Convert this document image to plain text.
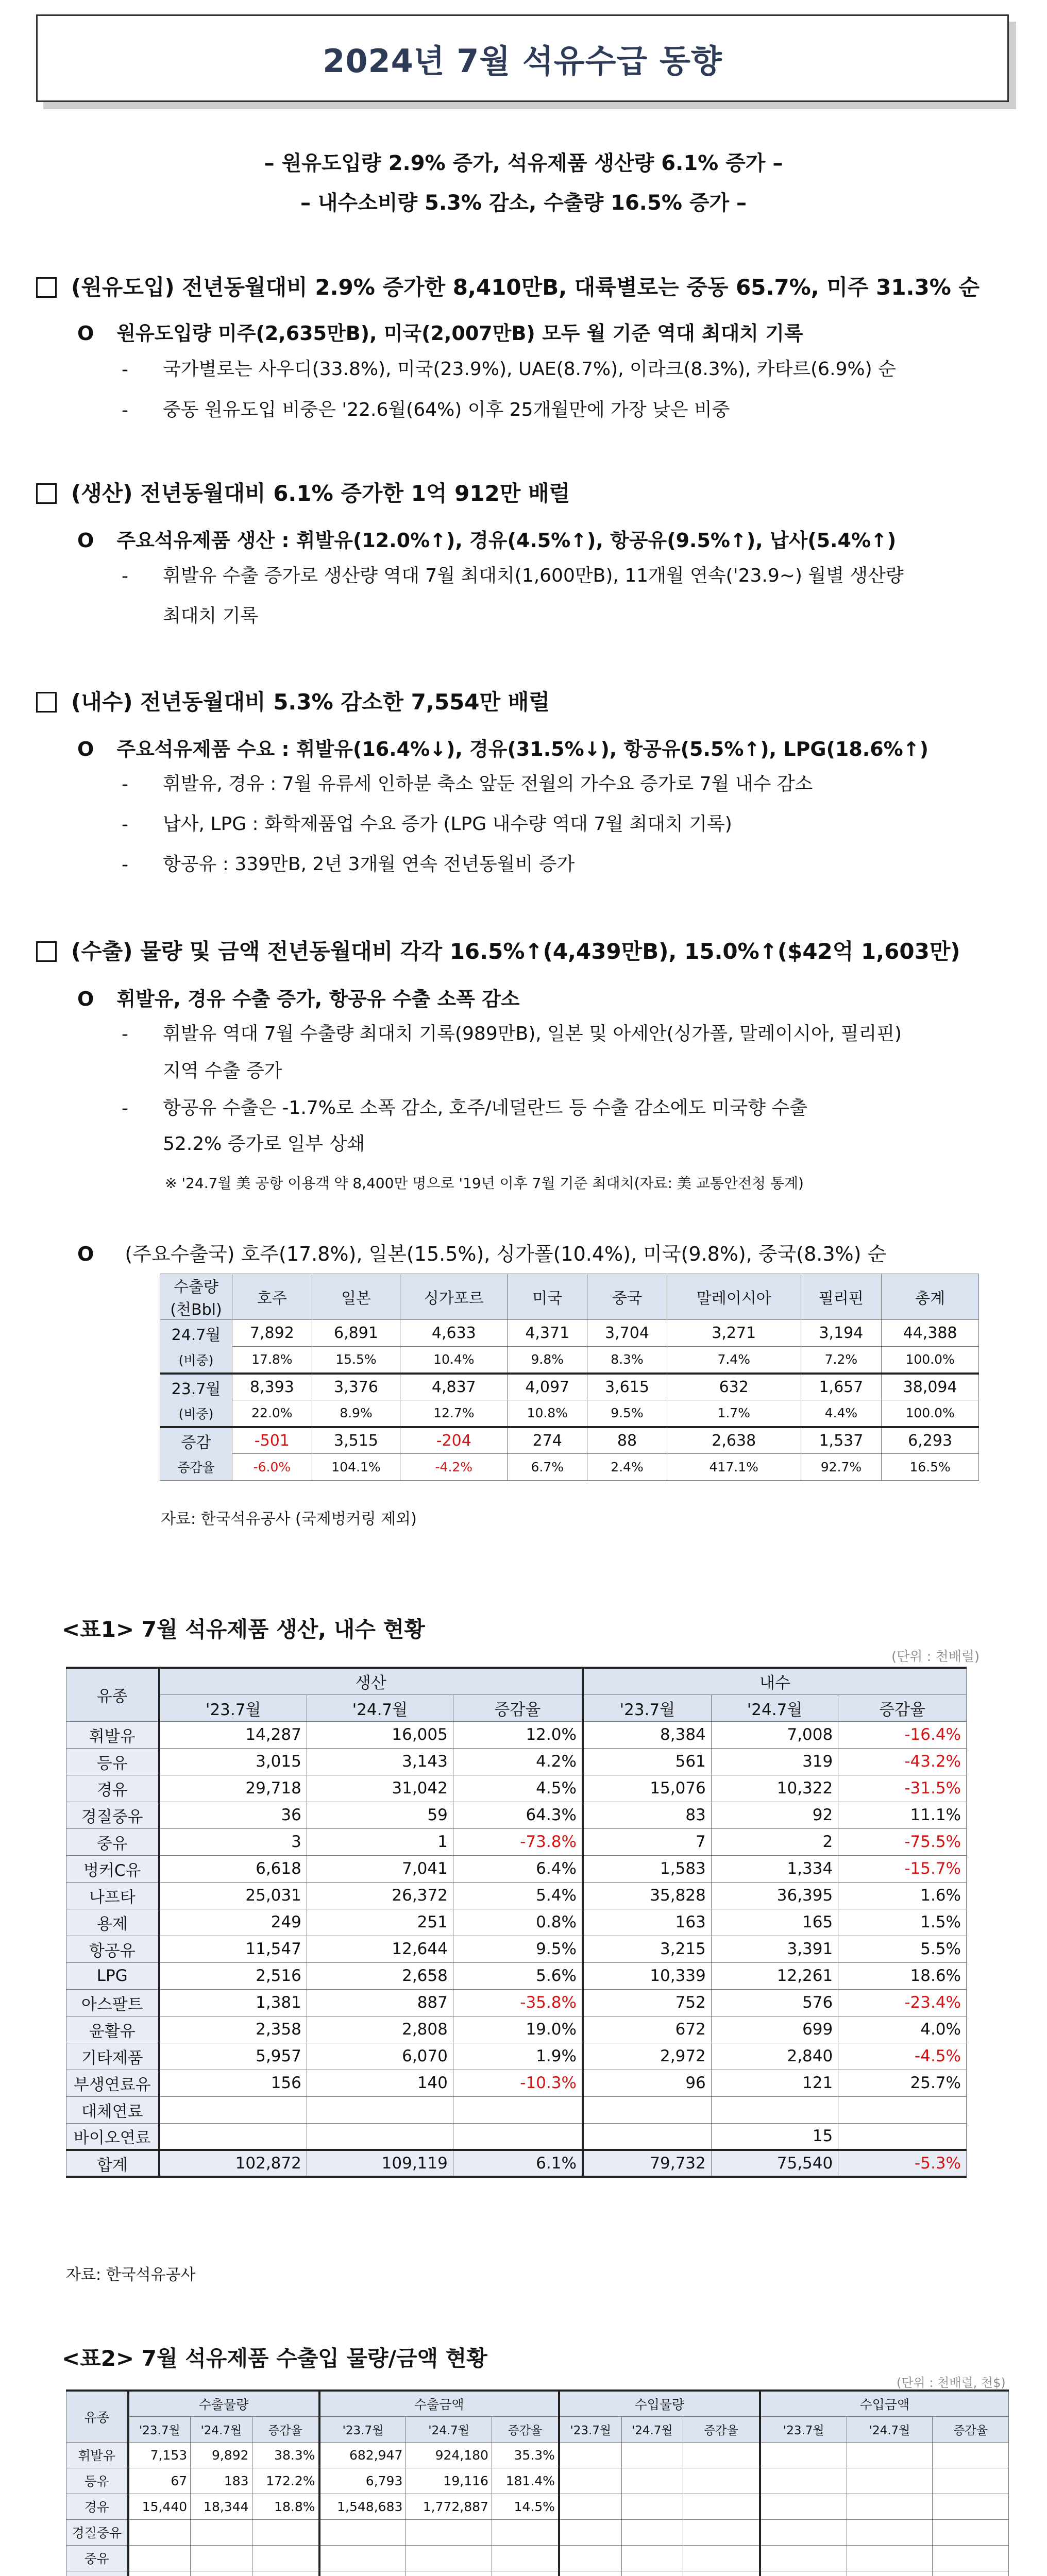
2024년 7월 석유수급 동향
– 원유도입량 2.9% 증가, 석유제품 생산량 6.1% 증가 –
– 내수소비량 5.3% 감소, 수출량 16.5% 증가 –
(원유도입) 전년동월대비 2.9% 증가한 8,410만B, 대륙별로는 중동 65.7%, 미주 31.3% 순
O 원유도입량 미주(2,635만B), 미국(2,007만B) 모두 월 기준 역대 최대치 기록
- 국가별로는 사우디(33.8%), 미국(23.9%), UAE(8.7%), 이라크(8.3%), 카타르(6.9%) 순
- 중동 원유도입 비중은 '22.6월(64%) 이후 25개월만에 가장 낮은 비중
(생산) 전년동월대비 6.1% 증가한 1억 912만 배럴
O 주요석유제품 생산 : 휘발유(12.0%↑), 경유(4.5%↑), 항공유(9.5%↑), 납사(5.4%↑)
- 휘발유 수출 증가로 생산량 역대 7월 최대치(1,600만B), 11개월 연속('23.9~) 월별 생산량
최대치 기록
(내수) 전년동월대비 5.3% 감소한 7,554만 배럴
O 주요석유제품 수요 : 휘발유(16.4%↓), 경유(31.5%↓), 항공유(5.5%↑), LPG(18.6%↑)
- 휘발유, 경유 : 7월 유류세 인하분 축소 앞둔 전월의 가수요 증가로 7월 내수 감소
- 납사, LPG : 화학제품업 수요 증가 (LPG 내수량 역대 7월 최대치 기록)
- 항공유 : 339만B, 2년 3개월 연속 전년동월비 증가
(수출) 물량 및 금액 전년동월대비 각각 16.5%↑(4,439만B), 15.0%↑($42억 1,603만)
O 휘발유, 경유 수출 증가, 항공유 수출 소폭 감소
- 휘발유 역대 7월 수출량 최대치 기록(989만B), 일본 및 아세안(싱가폴, 말레이시아, 필리핀)
지역 수출 증가
- 항공유 수출은 -1.7%로 소폭 감소, 호주/네덜란드 등 수출 감소에도 미국향 수출
52.2% 증가로 일부 상쇄
※ '24.7월 美 공항 이용객 약 8,400만 명으로 '19년 이후 7월 기준 최대치(자료: 美 교통안전청 통계)
O (주요수출국) 호주(17.8%), 일본(15.5%), 싱가폴(10.4%), 미국(9.8%), 중국(8.3%) 순
수출량
(천Bbl)	호주	일본	싱가포르	미국	중국	말레이시아	필리핀	총계
24.7월	7,892	6,891	4,633	4,371	3,704	3,271	3,194	44,388
(비중)	17.8%	15.5%	10.4%	9.8%	8.3%	7.4%	7.2%	100.0%
23.7월	8,393	3,376	4,837	4,097	3,615	632	1,657	38,094
(비중)	22.0%	8.9%	12.7%	10.8%	9.5%	1.7%	4.4%	100.0%
증감	-501	3,515	-204	274	88	2,638	1,537	6,293
증감율	-6.0%	104.1%	-4.2%	6.7%	2.4%	417.1%	92.7%	16.5%
자료: 한국석유공사 (국제벙커링 제외)
<표1> 7월 석유제품 생산, 내수 현황
(단위 : 천배럴)
유종	생산			내수		
	'23.7월	'24.7월	증감율	'23.7월	'24.7월	증감율
휘발유	14,287	16,005	12.0%	8,384	7,008	-16.4%
등유	3,015	3,143	4.2%	561	319	-43.2%
경유	29,718	31,042	4.5%	15,076	10,322	-31.5%
경질중유	36	59	64.3%	83	92	11.1%
중유	3	1	-73.8%	7	2	-75.5%
벙커C유	6,618	7,041	6.4%	1,583	1,334	-15.7%
나프타	25,031	26,372	5.4%	35,828	36,395	1.6%
용제	249	251	0.8%	163	165	1.5%
항공유	11,547	12,644	9.5%	3,215	3,391	5.5%
LPG	2,516	2,658	5.6%	10,339	12,261	18.6%
아스팔트	1,381	887	-35.8%	752	576	-23.4%
윤활유	2,358	2,808	19.0%	672	699	4.0%
기타제품	5,957	6,070	1.9%	2,972	2,840	-4.5%
부생연료유	156	140	-10.3%	96	121	25.7%
대체연료						
바이오연료					15	
합계	102,872	109,119	6.1%	79,732	75,540	-5.3%
자료: 한국석유공사
<표2> 7월 석유제품 수출입 물량/금액 현황
(단위 : 천배럴, 천$)
유종	수출물량			수출금액			수입물량			수입금액		
	'23.7월	'24.7월	증감율	'23.7월	'24.7월	증감율	'23.7월	'24.7월	증감율	'23.7월	'24.7월	증감율
휘발유	7,153	9,892	38.3%	682,947	924,180	35.3%						
등유	67	183	172.2%	6,793	19,116	181.4%						
경유	15,440	18,344	18.8%	1,548,683	1,772,887	14.5%						
경질중유												
중유												
